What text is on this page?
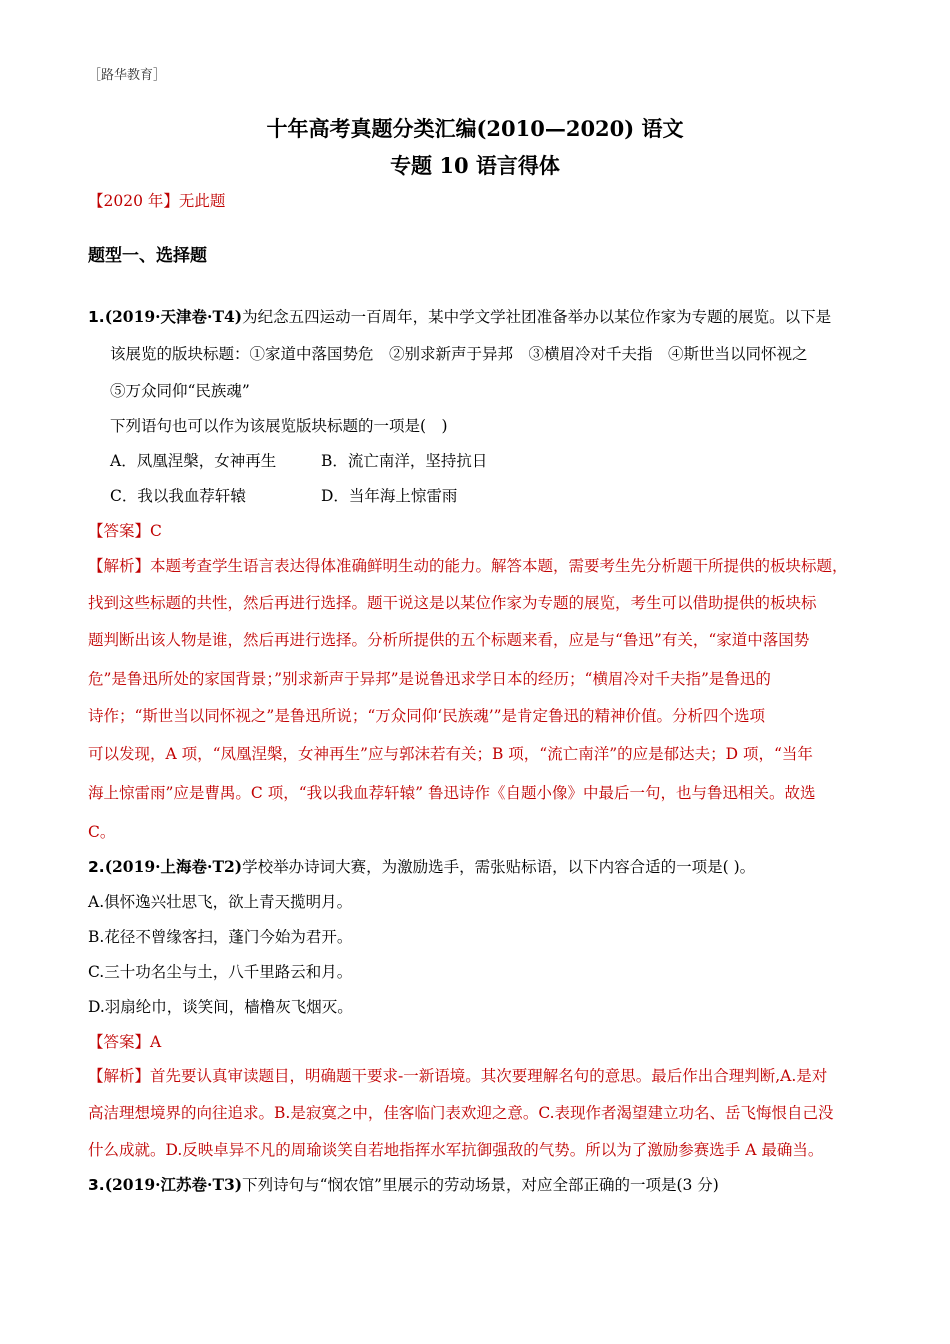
［路华教育］
十年高考真题分类汇编(2010—2020) 语文
专题 10 语言得体
【2020 年】无此题
题型一、选择题
1.(2019·天津卷·T4)为纪念五四运动一百周年，某中学文学社团准备举办以某位作家为专题的展览。以下是
该展览的版块标题：①家道中落国势危　②别求新声于异邦　③横眉冷对千夫指　④斯世当以同怀视之
⑤万众同仰“民族魂”
下列语句也可以作为该展览版块标题的一项是(　)
A．凤凰涅槃，女神再生	B．流亡南洋，坚持抗日
C．我以我血荐轩辕	D．当年海上惊雷雨
【答案】C
【解析】本题考查学生语言表达得体准确鲜明生动的能力。解答本题，需要考生先分析题干所提供的板块标题，
找到这些标题的共性，然后再进行选择。题干说这是以某位作家为专题的展览，考生可以借助提供的板块标
题判断出该人物是谁，然后再进行选择。分析所提供的五个标题来看，应是与“鲁迅”有关，“家道中落国势
危”是鲁迅所处的家国背景；”别求新声于异邦”是说鲁迅求学日本的经历；“横眉冷对千夫指”是鲁迅的
诗作；“斯世当以同怀视之”是鲁迅所说；“万众同仰‘民族魂’”是肯定鲁迅的精神价值。分析四个选项
可以发现，A 项，“凤凰涅槃，女神再生”应与郭沫若有关；B 项，“流亡南洋”的应是郁达夫；D 项，“当年
海上惊雷雨”应是曹禺。C 项，“我以我血荐轩辕” 鲁迅诗作《自题小像》中最后一句，也与鲁迅相关。故选
C。
2.(2019·上海卷·T2)学校举办诗词大赛，为激励选手，需张贴标语，以下内容合适的一项是( )。
A.俱怀逸兴壮思飞，欲上青天揽明月。
B.花径不曾缘客扫，蓬门今始为君开。
C.三十功名尘与土，八千里路云和月。
D.羽扇纶巾，谈笑间，樯橹灰飞烟灭。
【答案】A
【解析】首先要认真审读题目，明确题干要求-一新语境。其次要理解名句的意思。最后作出合理判断,A.是对
高洁理想境界的向往追求。B.是寂寞之中，佳客临门表欢迎之意。C.表现作者渴望建立功名、岳飞悔恨自己没
什么成就。D.反映卓异不凡的周瑜谈笑自若地指挥水军抗御强敌的气势。所以为了激励参赛选手 A 最确当。
3.(2019·江苏卷·T3)下列诗句与“悯农馆”里展示的劳动场景，对应全部正确的一项是(3 分)
